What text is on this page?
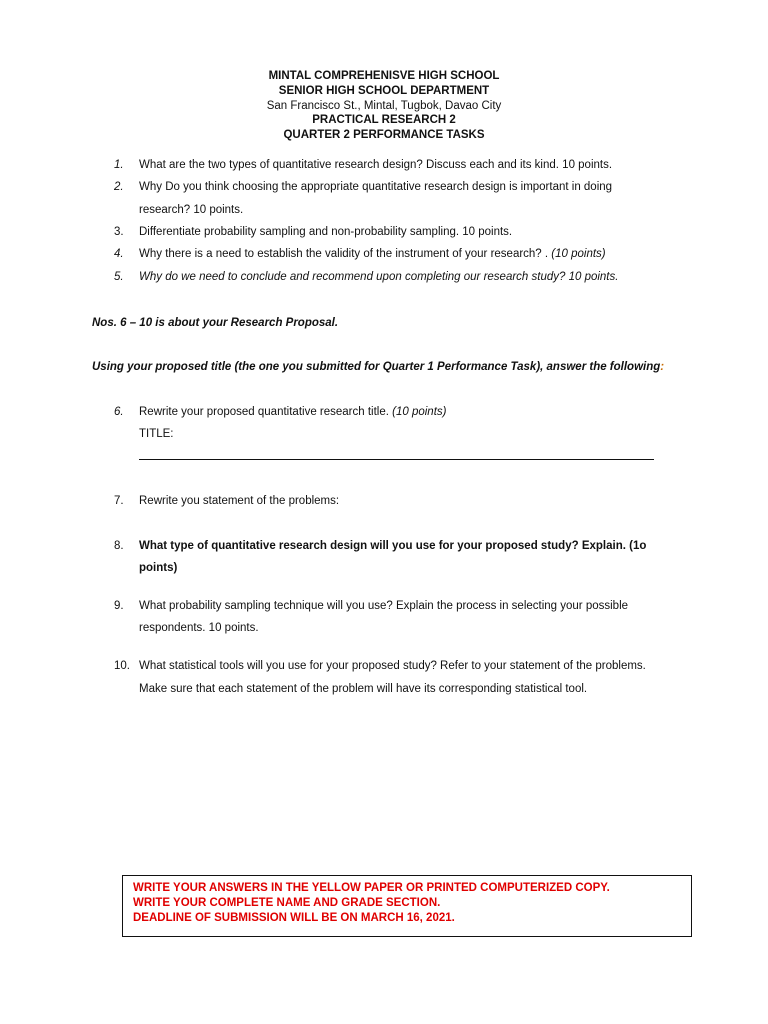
MINTAL COMPREHENISVE HIGH SCHOOL
SENIOR HIGH SCHOOL DEPARTMENT
San Francisco St., Mintal, Tugbok, Davao City
PRACTICAL RESEARCH 2
QUARTER 2 PERFORMANCE TASKS
1. What are the two types of quantitative research design? Discuss each and its kind. 10 points.
2. Why Do you think choosing the appropriate quantitative research design is important in doing
research? 10 points.
3. Differentiate probability sampling and non-probability sampling. 10 points.
4. Why there is a need to establish the validity of the instrument of your research? . (10 points)
5. Why do we need to conclude and recommend upon completing our research study? 10 points.
Nos. 6 – 10 is about your Research Proposal.
Using your proposed title (the one you submitted for Quarter 1 Performance Task), answer the following:
6. Rewrite your proposed quantitative research title. (10 points)
TITLE:
7. Rewrite you statement of the problems:
8. What type of quantitative research design will you use for your proposed study? Explain. (1o
points)
9. What probability sampling technique will you use? Explain the process in selecting your possible
respondents. 10 points.
10. What statistical tools will you use for your proposed study? Refer to your statement of the problems.
Make sure that each statement of the problem will have its corresponding statistical tool.
WRITE YOUR ANSWERS IN THE YELLOW PAPER OR PRINTED COMPUTERIZED COPY.
WRITE YOUR COMPLETE NAME AND GRADE SECTION.
DEADLINE OF SUBMISSION WILL BE ON MARCH 16, 2021.
